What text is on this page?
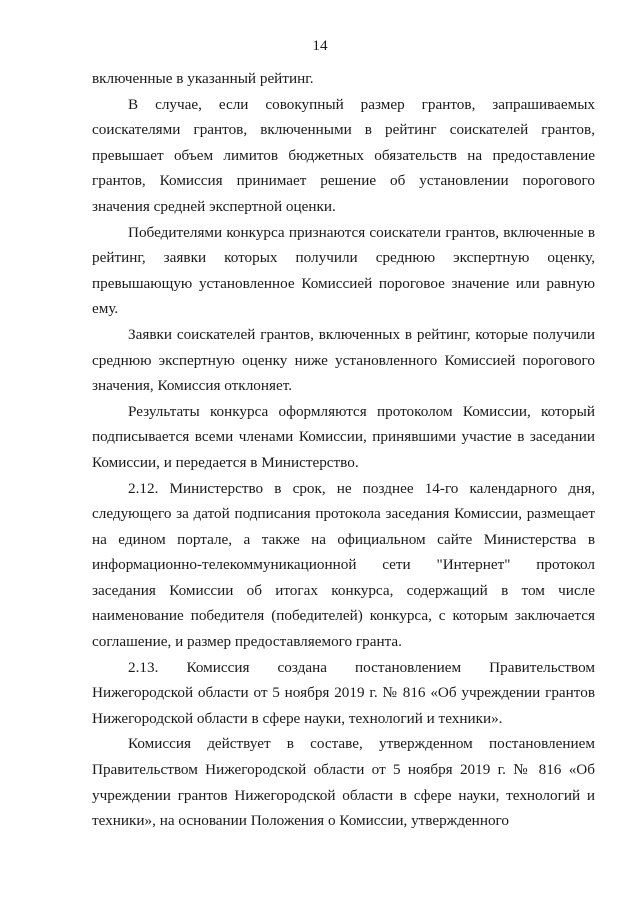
14

включенные в указанный рейтинг.

В случае, если совокупный размер грантов, запрашиваемых соискателями грантов, включенными в рейтинг соискателей грантов, превышает объем лимитов бюджетных обязательств на предоставление грантов, Комиссия принимает решение об установлении порогового значения средней экспертной оценки.

Победителями конкурса признаются соискатели грантов, включенные в рейтинг, заявки которых получили среднюю экспертную оценку, превышающую установленное Комиссией пороговое значение или равную ему.

Заявки соискателей грантов, включенных в рейтинг, которые получили среднюю экспертную оценку ниже установленного Комиссией порогового значения, Комиссия отклоняет.

Результаты конкурса оформляются протоколом Комиссии, который подписывается всеми членами Комиссии, принявшими участие в заседании Комиссии, и передается в Министерство.

2.12. Министерство в срок, не позднее 14-го календарного дня, следующего за датой подписания протокола заседания Комиссии, размещает на едином портале, а также на официальном сайте Министерства в информационно-телекоммуникационной сети "Интернет" протокол заседания Комиссии об итогах конкурса, содержащий в том числе наименование победителя (победителей) конкурса, с которым заключается соглашение, и размер предоставляемого гранта.

2.13. Комиссия создана постановлением Правительством Нижегородской области от 5 ноября 2019 г. № 816 «Об учреждении грантов Нижегородской области в сфере науки, технологий и техники».

Комиссия действует в составе, утвержденном постановлением Правительством Нижегородской области от 5 ноября 2019 г. № 816 «Об учреждении грантов Нижегородской области в сфере науки, технологий и техники», на основании Положения о Комиссии, утвержденного
